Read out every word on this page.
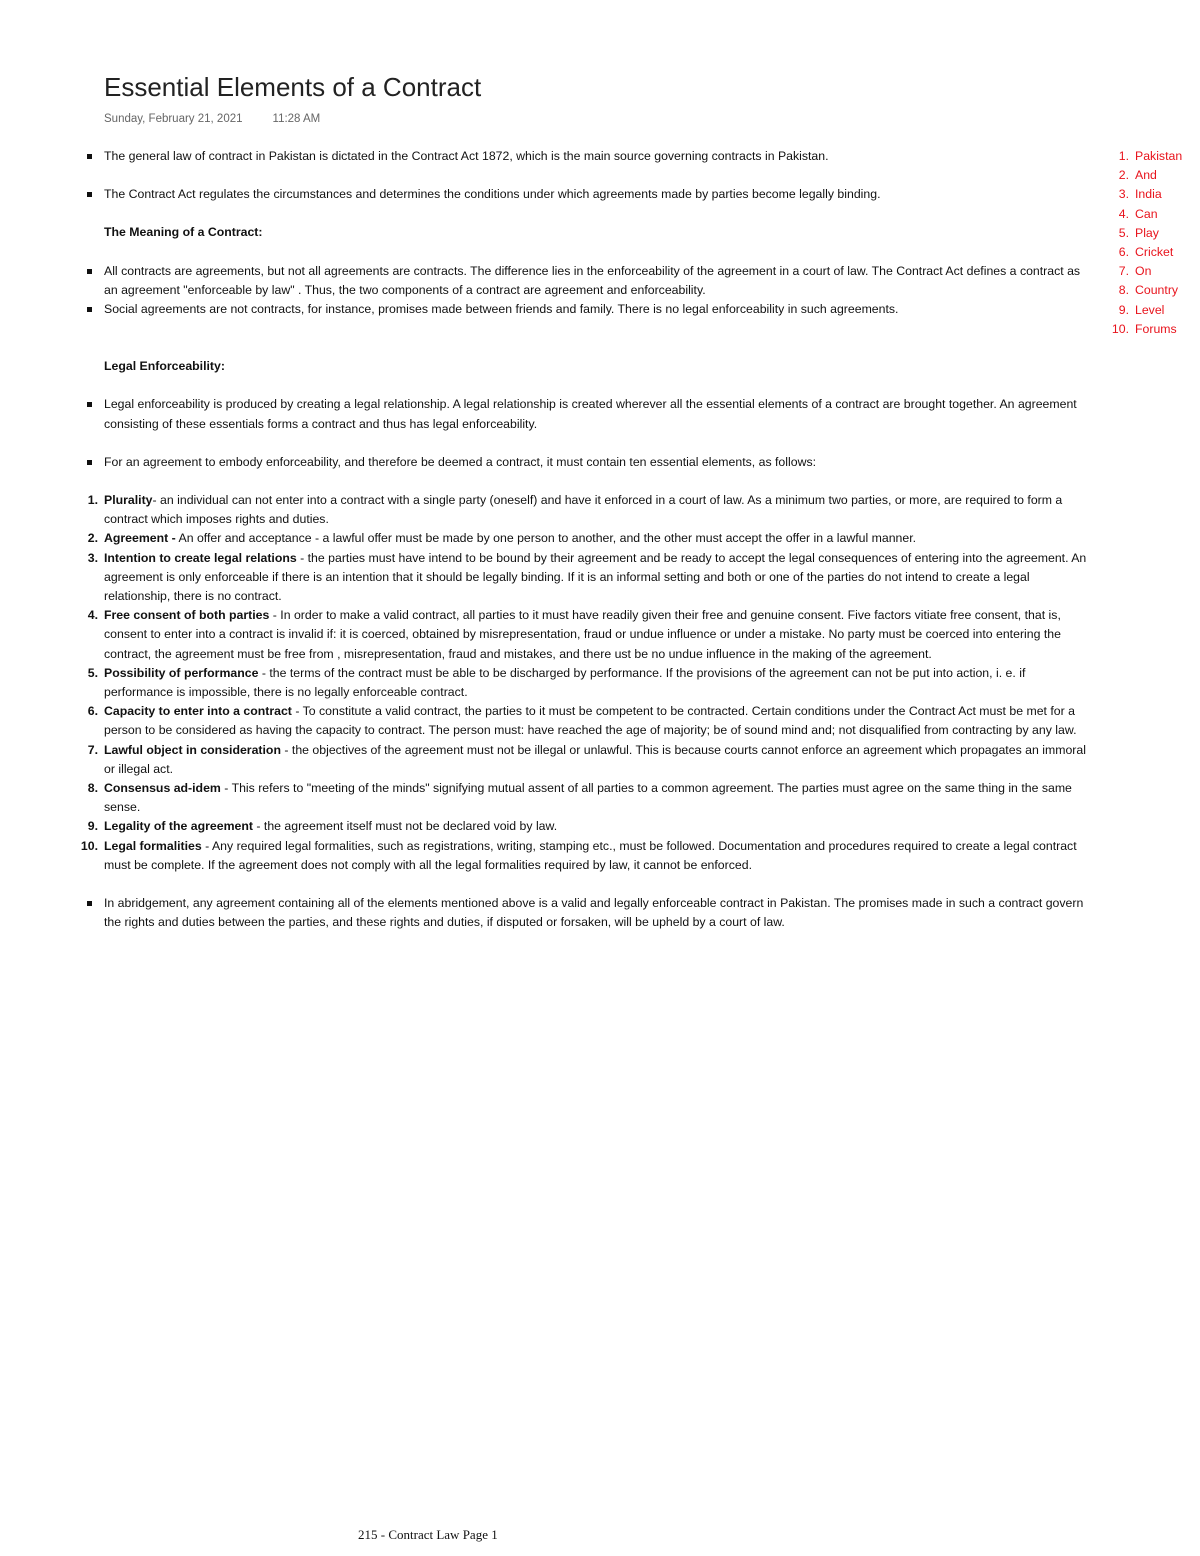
Essential Elements of a Contract
Sunday, February 21, 2021	11:28 AM

The general law of contract in Pakistan is dictated in the Contract Act 1872, which is the main source governing contracts in Pakistan.

The Contract Act regulates the circumstances and determines the conditions under which agreements made by parties become legally binding.

The Meaning of a Contract:

All contracts are agreements, but not all agreements are contracts. The difference lies in the enforceability of the agreement in a court of law. The Contract Act defines a contract as an agreement "enforceable by law" . Thus, the two components of a contract are agreement and enforceability.

Social agreements are not contracts, for instance, promises made between friends and family. There is no legal enforceability in such agreements.

Legal Enforceability:

Legal enforceability is produced by creating a legal relationship. A legal relationship is created wherever all the essential elements of a contract are brought together. An agreement consisting of these essentials forms a contract and thus has legal enforceability.

For an agreement to embody enforceability, and therefore be deemed a contract, it must contain ten essential elements, as follows:

1. Plurality- an individual can not enter into a contract with a single party (oneself) and have it enforced in a court of law. As a minimum two parties, or more, are required to form a contract which imposes rights and duties.
2. Agreement - An offer and acceptance - a lawful offer must be made by one person to another, and the other must accept the offer in a lawful manner.
3. Intention to create legal relations - the parties must have intend to be bound by their agreement and be ready to accept the legal consequences of entering into the agreement. An agreement is only enforceable if there is an intention that it should be legally binding. If it is an informal setting and both or one of the parties do not intend to create a legal relationship, there is no contract.
4. Free consent of both parties - In order to make a valid contract, all parties to it must have readily given their free and genuine consent. Five factors vitiate free consent, that is, consent to enter into a contract is invalid if: it is coerced, obtained by misrepresentation, fraud or undue influence or under a mistake. No party must be coerced into entering the contract, the agreement must be free from , misrepresentation, fraud and mistakes, and there ust be no undue influence in the making of the agreement.
5. Possibility of performance - the terms of the contract must be able to be discharged by performance. If the provisions of the agreement can not be put into action, i. e. if performance is impossible, there is no legally enforceable contract.
6. Capacity to enter into a contract - To constitute a valid contract, the parties to it must be competent to be contracted. Certain conditions under the Contract Act must be met for a person to be considered as having the capacity to contract. The person must: have reached the age of majority; be of sound mind and; not disqualified from contracting by any law.
7. Lawful object in consideration - the objectives of the agreement must not be illegal or unlawful. This is because courts cannot enforce an agreement which propagates an immoral or illegal act.
8. Consensus ad-idem - This refers to "meeting of the minds" signifying mutual assent of all parties to a common agreement. The parties must agree on the same thing in the same sense.
9. Legality of the agreement - the agreement itself must not be declared void by law.
10. Legal formalities - Any required legal formalities, such as registrations, writing, stamping etc., must be followed. Documentation and procedures required to create a legal contract must be complete. If the agreement does not comply with all the legal formalities required by law, it cannot be enforced.

In abridgement, any agreement containing all of the elements mentioned above is a valid and legally enforceable contract in Pakistan. The promises made in such a contract govern the rights and duties between the parties, and these rights and duties, if disputed or forsaken, will be upheld by a court of law.

1. Pakistan
2. And
3. India
4. Can
5. Play
6. Cricket
7. On
8. Country
9. Level
10. Forums
215 - Contract Law Page 1
